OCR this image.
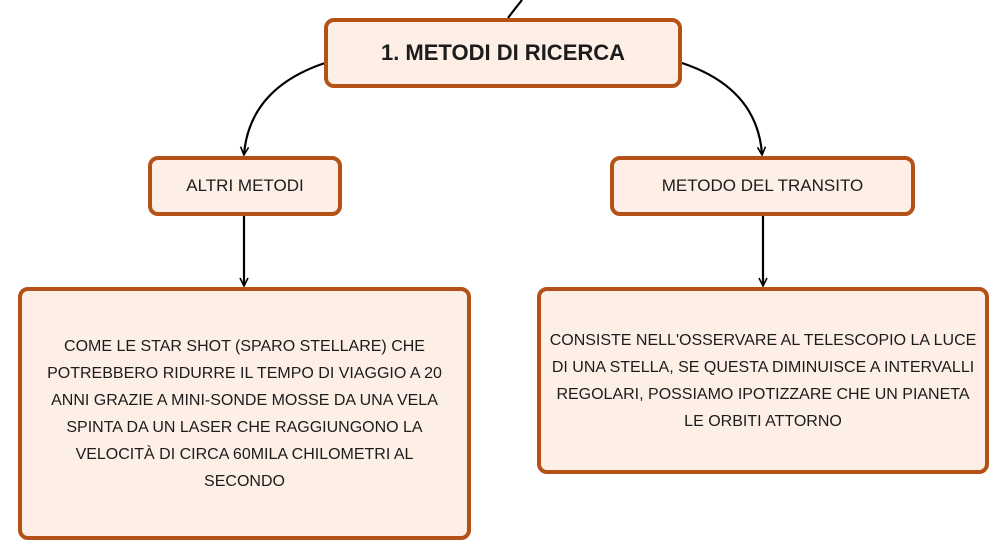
1. METODI DI RICERCA
ALTRI METODI	METODO DEL TRANSITO
COME LE STAR SHOT (SPARO STELLARE) CHE POTREBBERO RIDURRE IL TEMPO DI VIAGGIO A 20 ANNI GRAZIE A MINI-SONDE MOSSE DA UNA VELA SPINTA DA UN LASER CHE RAGGIUNGONO LA VELOCITÀ DI CIRCA 60MILA CHILOMETRI AL SECONDO
CONSISTE NELL'OSSERVARE AL TELESCOPIO LA LUCE DI UNA STELLA, SE QUESTA DIMINUISCE A INTERVALLI REGOLARI, POSSIAMO IPOTIZZARE CHE UN PIANETA LE ORBITI ATTORNO
